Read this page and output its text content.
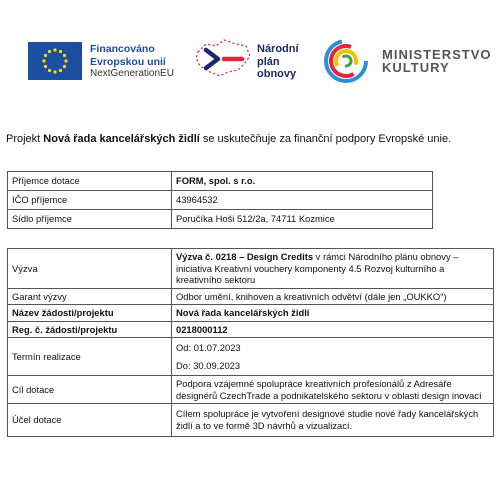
Financováno
Evropskou unií
NextGenerationEU
Národní
plán
obnovy
MINISTERSTVO
KULTURY
Projekt Nová řada kancelářských židlí se uskutečňuje za finanční podpory Evropské unie.
Příjemce dotace	FORM, spol. s r.o.
IČO příjemce	43964532
Sídlo příjemce	Poručíka Hoši 512/2a, 74711 Kozmice
Výzva	Výzva č. 0218 – Design Credits v rámci Národního plánu obnovy – iniciativa Kreativní vouchery komponenty 4.5 Rozvoj kulturního a kreativního sektoru
Garant výzvy	Odbor umění, knihoven a kreativních odvětví (dále jen „OUKKO“)
Název žádosti/projektu	Nová řada kancelářských židlí
Reg. č. žádosti/projektu	0218000112
Termín realizace	Od: 01.07.2023
Do: 30.09.2023

Cíl dotace	Podpora vzájemné spolupráce kreativních profesionálů z Adresáře designérů CzechTrade a podnikatelského sektoru v oblasti design inovací
Účel dotace	Cílem spolupráce je vytvoření designové studie nové řady kancelářských židlí a to ve formě 3D návrhů a vizualizací.
